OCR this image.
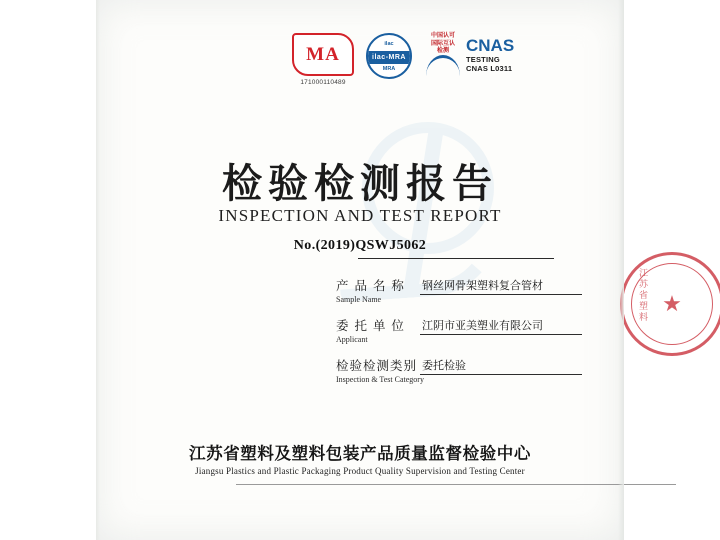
MA
171000110489
ilac
ilac-MRA
MRA
中国认可
国际互认
检测	CNAS
TESTING
CNAS L0311
检验检测报告
INSPECTION AND TEST REPORT
No.(2019)QSWJ5062
产 品 名 称
Sample Name
钢丝网骨架塑料复合管材
委 托 单 位
Applicant
江阴市亚美塑业有限公司
检验检测类别
Inspection & Test Category
委托检验
江苏省塑料
★
江苏省塑料及塑料包装产品质量监督检验中心
Jiangsu Plastics and Plastic Packaging Product Quality Supervision and Testing Center
